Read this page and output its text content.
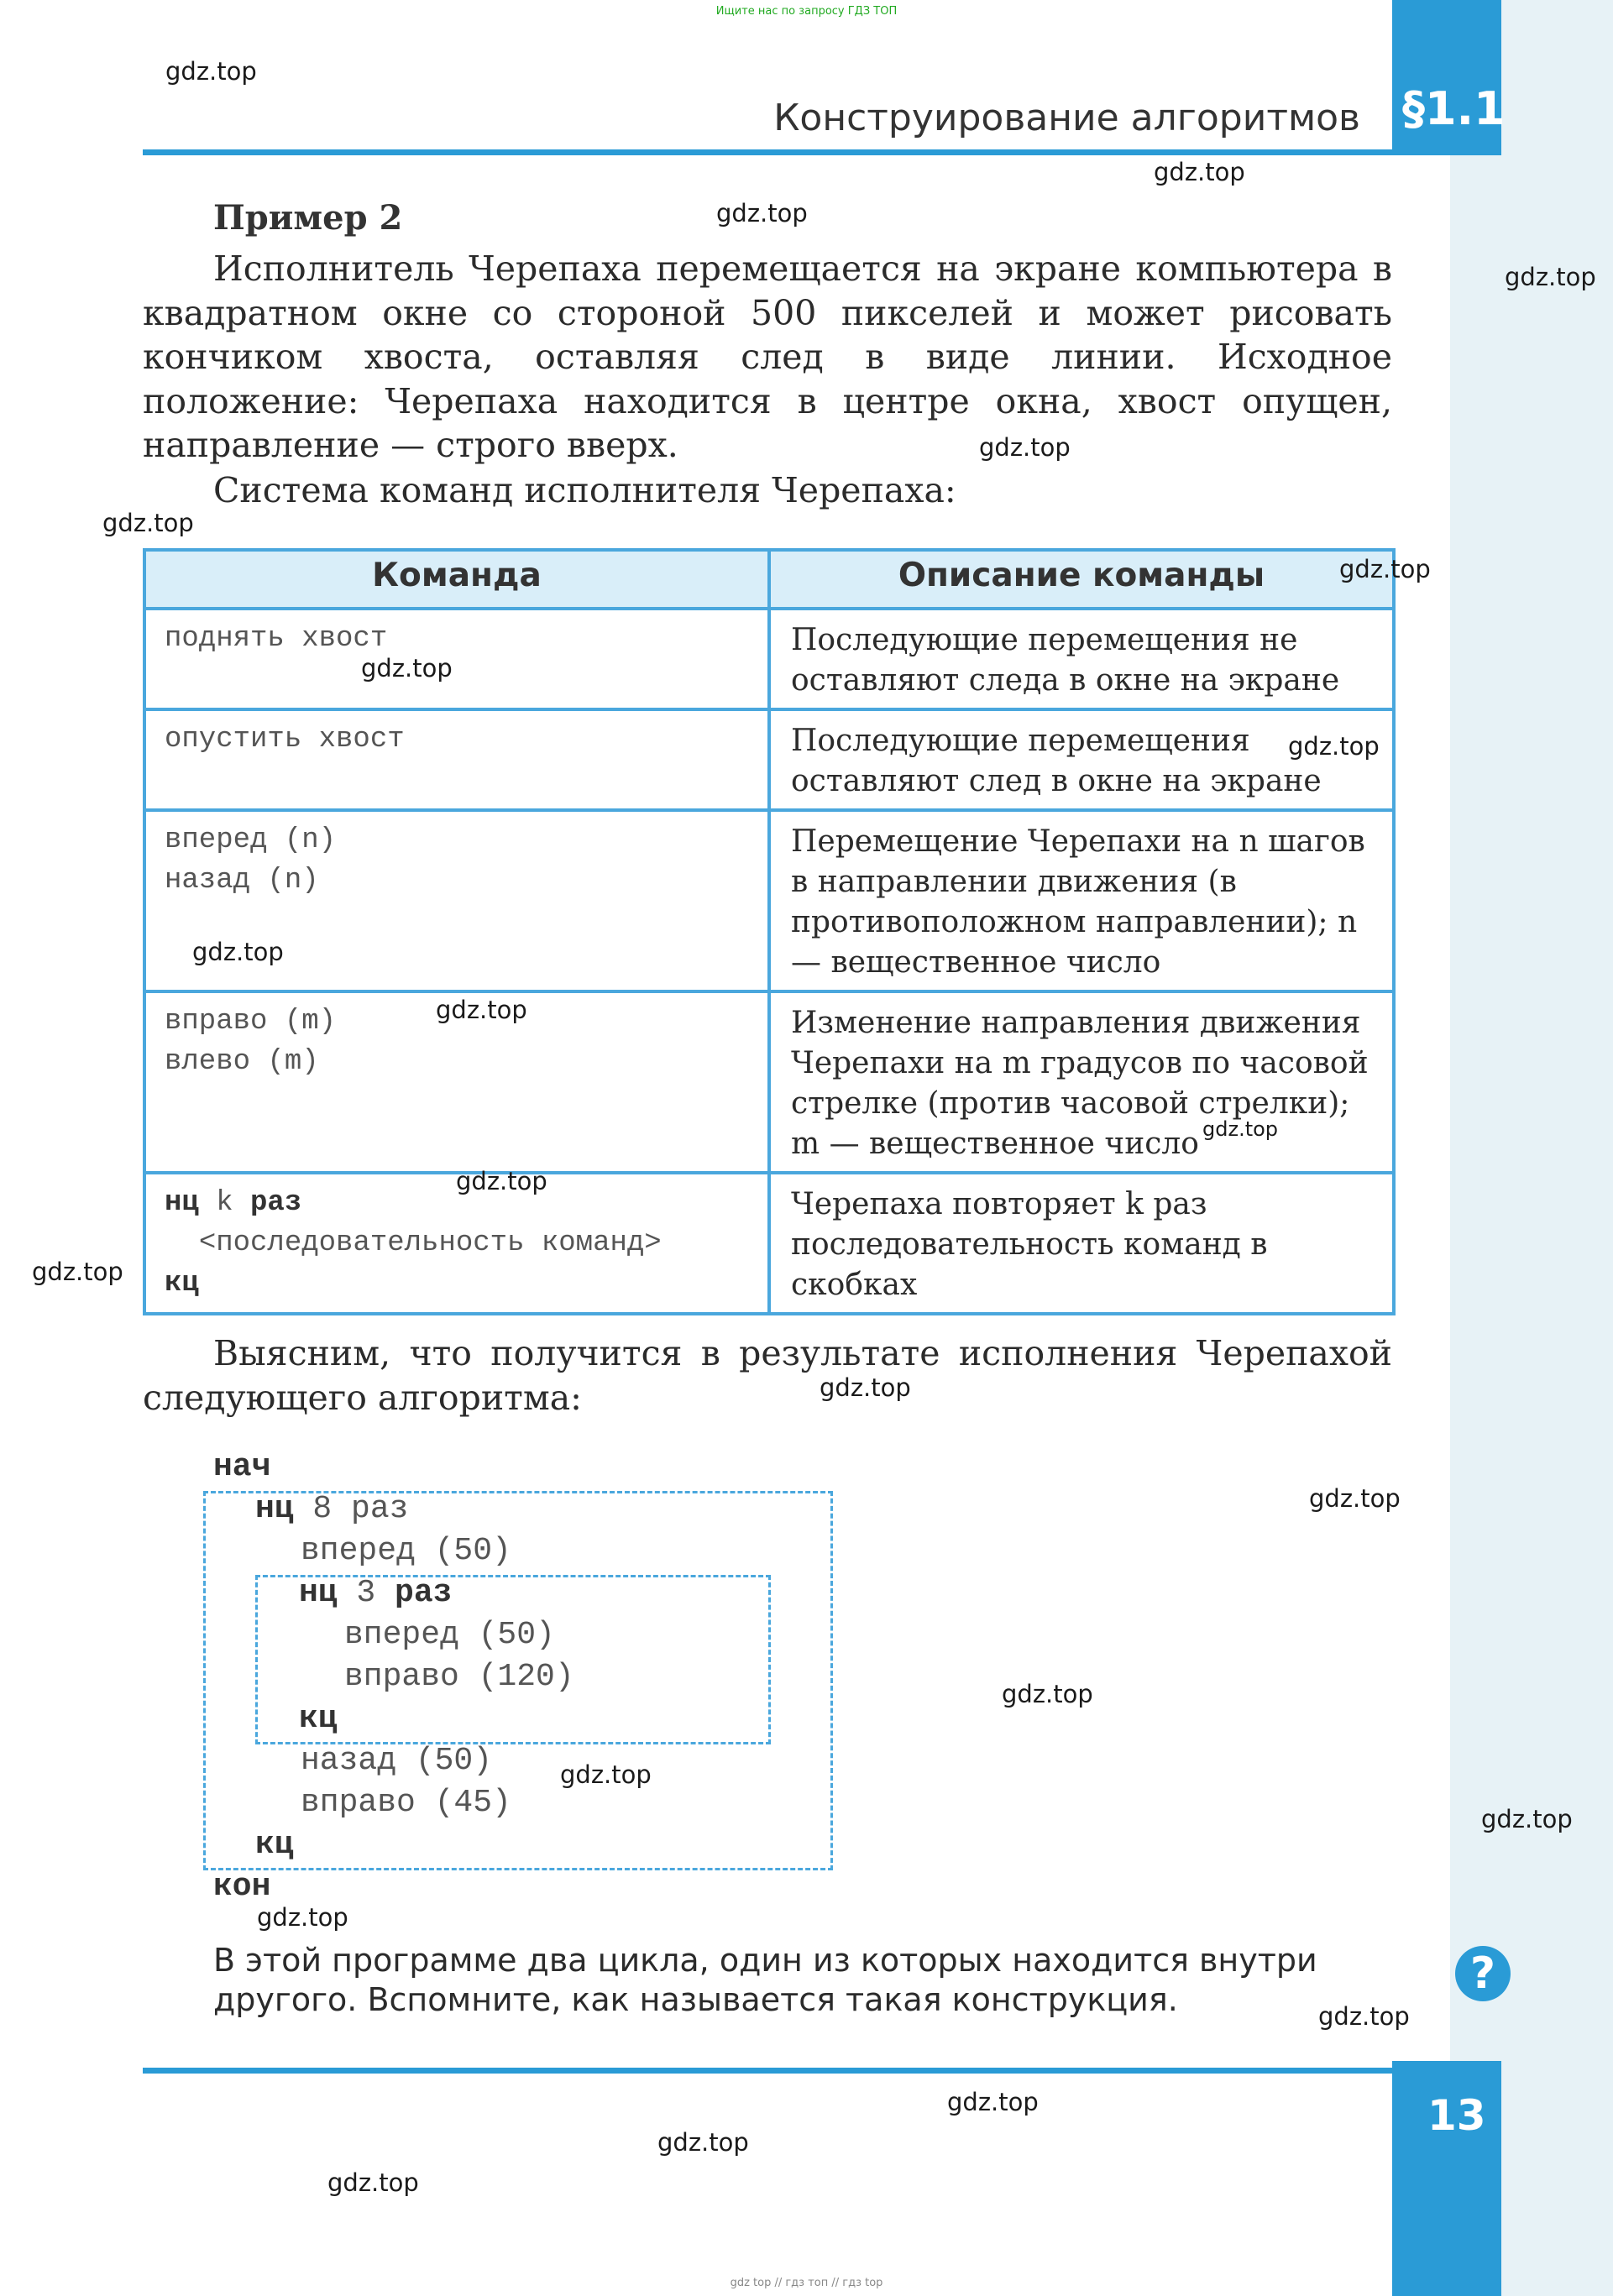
Ищите нас по запросу ГДЗ ТОП
§1.1
Конструирование алгоритмов
Пример 2

Исполнитель Черепаха перемещается на экране компьютера в квадратном окне со стороной 500 пикселей и может рисовать кончиком хвоста, оставляя след в виде линии. Исходное положение: Черепаха находится в центре окна, хвост опущен, направление — строго вверх.

Система команд исполнителя Черепаха:
Команда	Описание команды
поднять хвост	Последующие перемещения не оставляют следа в окне на экране
опустить хвост	Последующие перемещения оставляют след в окне на экране
вперед (n)
назад (n)	Перемещение Черепахи на n шагов в направлении движения (в противоположном направлении); n — вещественное число
вправо (m)
влево (m)	Изменение направления движения Черепахи на m градусов по часовой стрелке (против часовой стрелки); m — вещественное число
нц k раз
<последовательность команд>
кц	Черепаха повторяет k раз последовательность команд в скобках

Выясним, что получится в результате исполнения Черепахой следующего алгоритма:

нач
нц 8 раз
вперед (50)
нц 3 раз
вперед (50)
вправо (120)
кц
назад (50)
вправо (45)
кц
кон
В этой программе два цикла, один из которых находится внутри
другого. Вспомните, как называется такая конструкция.
?
13
gdz.top
gdz.top
gdz.top
gdz.top
gdz.top
gdz.top
gdz.top
gdz.top
gdz.top
gdz.top
gdz.top
gdz.top
gdz.top
gdz.top
gdz.top
gdz.top
gdz.top
gdz.top
gdz.top
gdz.top
gdz.top
gdz.top
gdz.top
gdz.top
gdz top // гдз топ // гдз top
